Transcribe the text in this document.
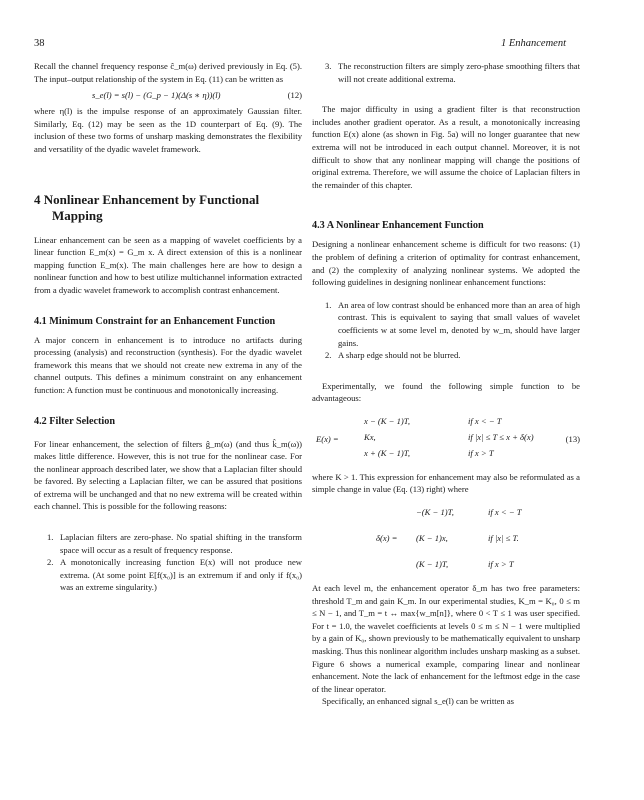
38	1 Enhancement

Recall the channel frequency response ĉ_m(ω) derived previously in Eq. (5). The input–output relationship of the system in Eq. (11) can be written as

s_e(l) = s(l) − (G_p − 1)(Δ(s ∗ η))(l)	(12)

where η(l) is the impulse response of an approximately Gaussian filter. Similarly, Eq. (12) may be seen as the 1D counterpart of Eq. (9). The inclusion of these two forms of unsharp masking demonstrates the flexibility and versatility of the dyadic wavelet framework.

4 Nonlinear Enhancement by Functional Mapping

Linear enhancement can be seen as a mapping of wavelet coefficients by a linear function E_m(x) = G_m x. A direct extension of this is a nonlinear mapping function E_m(x). The main challenges here are how to design a nonlinear function and how to best utilize multichannel information extracted from a dyadic wavelet framework to accomplish contrast enhancement.

4.1 Minimum Constraint for an Enhancement Function

A major concern in enhancement is to introduce no artifacts during processing (analysis) and reconstruction (synthesis). For the dyadic wavelet framework this means that we should not create new extrema in any of the channel outputs. This defines a minimum constraint on any enhancement function: A function must be continuous and monotonically increasing.

4.2 Filter Selection

For linear enhancement, the selection of filters ĝ_m(ω) (and thus k̂_m(ω)) makes little difference. However, this is not true for the nonlinear case. For the nonlinear approach described later, we show that a Laplacian filter should be favored. By selecting a Laplacian filter, we can be assured that positions of extrema will be unchanged and that no new extrema will be created within each channel. This is possible for the following reasons:

1. Laplacian filters are zero-phase. No spatial shifting in the transform space will occur as a result of frequency response.
2. A monotonically increasing function E(x) will not produce new extrema. (At some point E[f(x₀)] is an extremum if and only if f(x₀) was an extreme singularity.)
3. The reconstruction filters are simply zero-phase smoothing filters that will not create additional extrema.

The major difficulty in using a gradient filter is that reconstruction includes another gradient operator. As a result, a monotonically increasing function E(x) alone (as shown in Fig. 5a) will no longer guarantee that new extrema will not be introduced in each output channel. Moreover, it is not difficult to show that any nonlinear mapping will change the positions of original extrema. Therefore, we will assume the choice of Laplacian filters in the remainder of this chapter.

4.3 A Nonlinear Enhancement Function

Designing a nonlinear enhancement scheme is difficult for two reasons: (1) the problem of defining a criterion of optimality for contrast enhancement, and (2) the complexity of analyzing nonlinear systems. We adopted the following guidelines in designing nonlinear enhancement functions:

1. An area of low contrast should be enhanced more than an area of high contrast. This is equivalent to saying that small values of wavelet coefficients w at some level m, denoted by w_m, should have larger gains.
2. A sharp edge should not be blurred.

Experimentally, we found the following simple function to be advantageous:

E(x) =
x − (K − 1)T,	if x < − T
Kx,	if |x| ≤ T ≤ x + δ(x)
x + (K − 1)T,	if x > T
(13)

where K > 1. This expression for enhancement may also be reformulated as a simple change in value (Eq. (13) right) where

δ(x) =
−(K − 1)T,	if x < − T
(K − 1)x,	if |x| ≤ T.
(K − 1)T,	if x > T

At each level m, the enhancement operator δ_m has two free parameters: threshold T_m and gain K_m. In our experimental studies, K_m = K₀, 0 ≤ m ≤ N − 1, and T_m = t ↔ max{w_m[n]}, where 0 < T ≤ 1 was user specified. For t = 1.0, the wavelet coefficients at levels 0 ≤ m ≤ N − 1 were multiplied by a gain of K₀, shown previously to be mathematically equivalent to unsharp masking. Thus this nonlinear algorithm includes unsharp masking as a subset. Figure 6 shows a numerical example, comparing linear and nonlinear enhancement. Note the lack of enhancement for the leftmost edge in the case of the linear operator.

Specifically, an enhanced signal s_e(l) can be written as
